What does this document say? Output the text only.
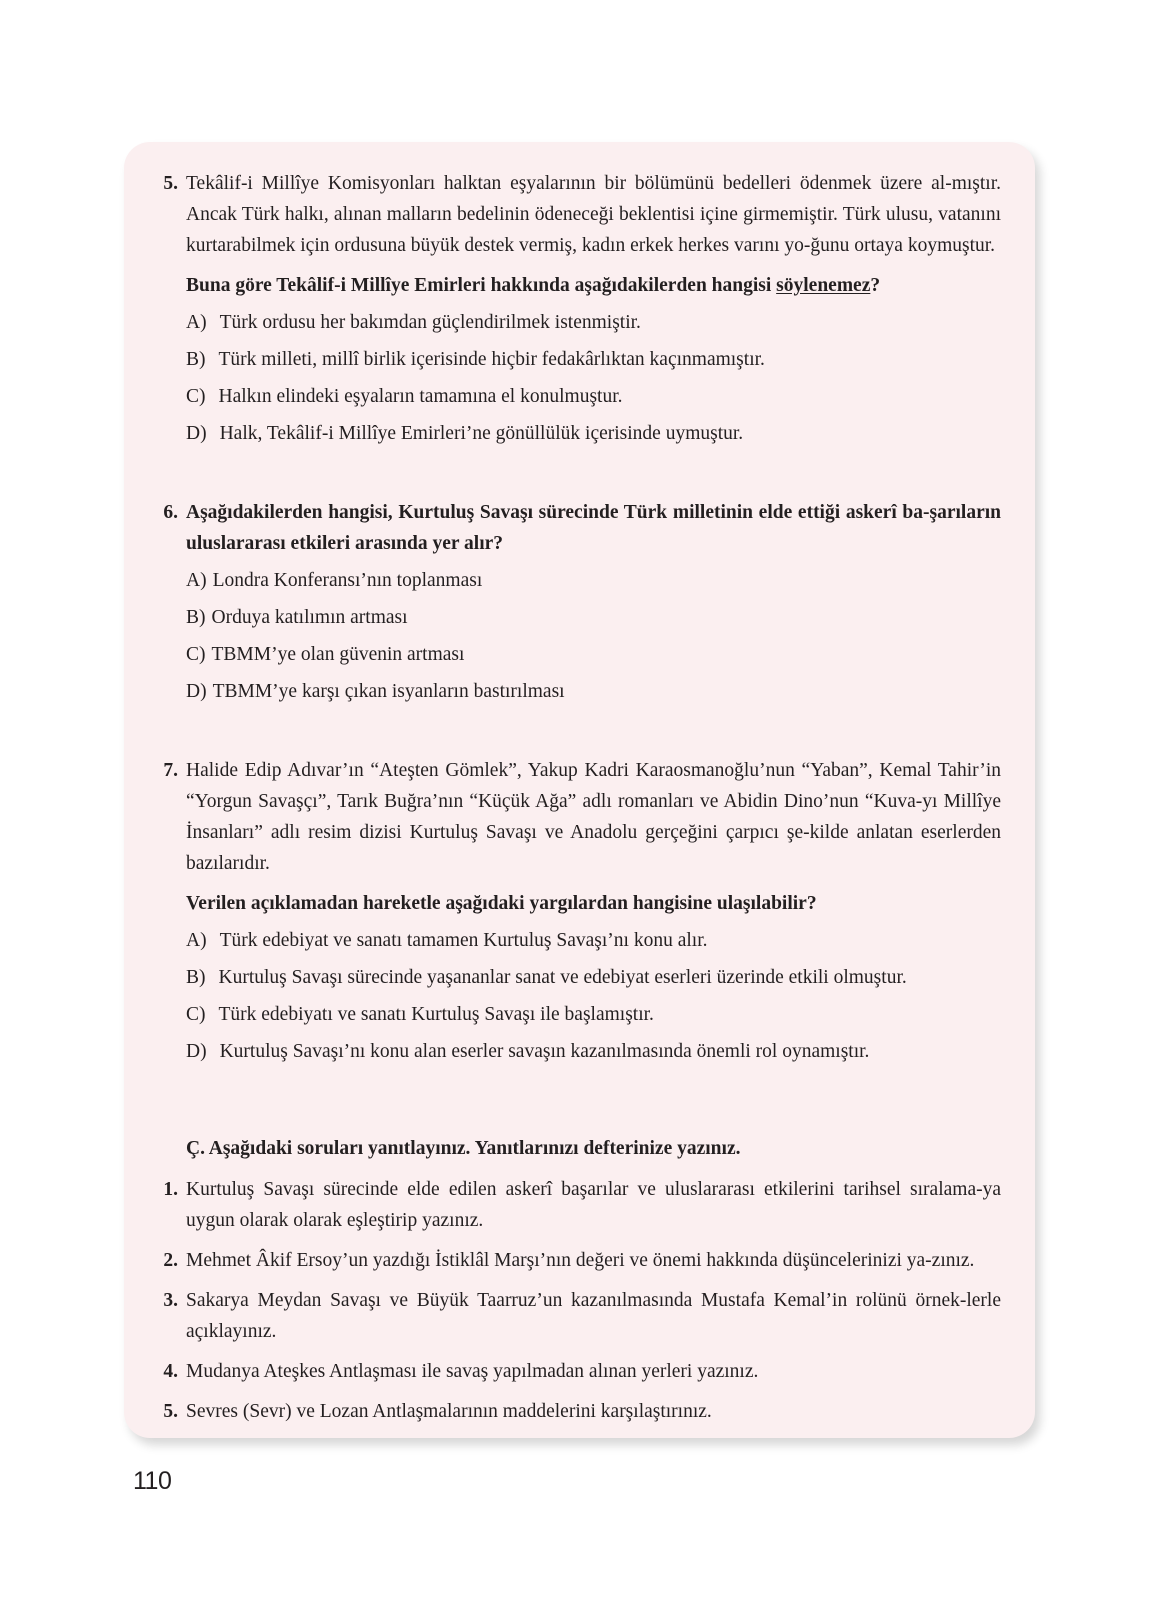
5. Tekâlif-i Millîye Komisyonları halktan eşyalarının bir bölümünü bedelleri ödenmek üzere al-mıştır. Ancak Türk halkı, alınan malların bedelinin ödeneceği beklentisi içine girmemiştir. Türk ulusu, vatanını kurtarabilmek için ordusuna büyük destek vermiş, kadın erkek herkes varını yo-ğunu ortaya koymuştur.
Buna göre Tekâlif-i Millîye Emirleri hakkında aşağıdakilerden hangisi söylenemez?
A) Türk ordusu her bakımdan güçlendirilmek istenmiştir.
B) Türk milleti, millî birlik içerisinde hiçbir fedakârlıktan kaçınmamıştır.
C) Halkın elindeki eşyaların tamamına el konulmuştur.
D) Halk, Tekâlif-i Millîye Emirleri’ne gönüllülük içerisinde uymuştur.
6. Aşağıdakilerden hangisi, Kurtuluş Savaşı sürecinde Türk milletinin elde ettiği askerî ba-şarıların uluslararası etkileri arasında yer alır?
A) Londra Konferansı’nın toplanması
B) Orduya katılımın artması
C) TBMM’ye olan güvenin artması
D) TBMM’ye karşı çıkan isyanların bastırılması
7. Halide Edip Adıvar’ın “Ateşten Gömlek”, Yakup Kadri Karaosmanoğlu’nun “Yaban”, Kemal Tahir’in “Yorgun Savaşçı”, Tarık Buğra’nın “Küçük Ağa” adlı romanları ve Abidin Dino’nun “Kuva-yı Millîye İnsanları” adlı resim dizisi Kurtuluş Savaşı ve Anadolu gerçeğini çarpıcı şe-kilde anlatan eserlerden bazılarıdır.
Verilen açıklamadan hareketle aşağıdaki yargılardan hangisine ulaşılabilir?
A) Türk edebiyat ve sanatı tamamen Kurtuluş Savaşı’nı konu alır.
B) Kurtuluş Savaşı sürecinde yaşananlar sanat ve edebiyat eserleri üzerinde etkili olmuştur.
C) Türk edebiyatı ve sanatı Kurtuluş Savaşı ile başlamıştır.
D) Kurtuluş Savaşı’nı konu alan eserler savaşın kazanılmasında önemli rol oynamıştır.
Ç. Aşağıdaki soruları yanıtlayınız. Yanıtlarınızı defterinize yazınız.
1. Kurtuluş Savaşı sürecinde elde edilen askerî başarılar ve uluslararası etkilerini tarihsel sıralama-ya uygun olarak olarak eşleştirip yazınız.
2. Mehmet Âkif Ersoy’un yazdığı İstiklâl Marşı’nın değeri ve önemi hakkında düşüncelerinizi ya-zınız.
3. Sakarya Meydan Savaşı ve Büyük Taarruz’un kazanılmasında Mustafa Kemal’in rolünü örnek-lerle açıklayınız.
4. Mudanya Ateşkes Antlaşması ile savaş yapılmadan alınan yerleri yazınız.
5. Sevres (Sevr) ve Lozan Antlaşmalarının maddelerini karşılaştırınız.
110
